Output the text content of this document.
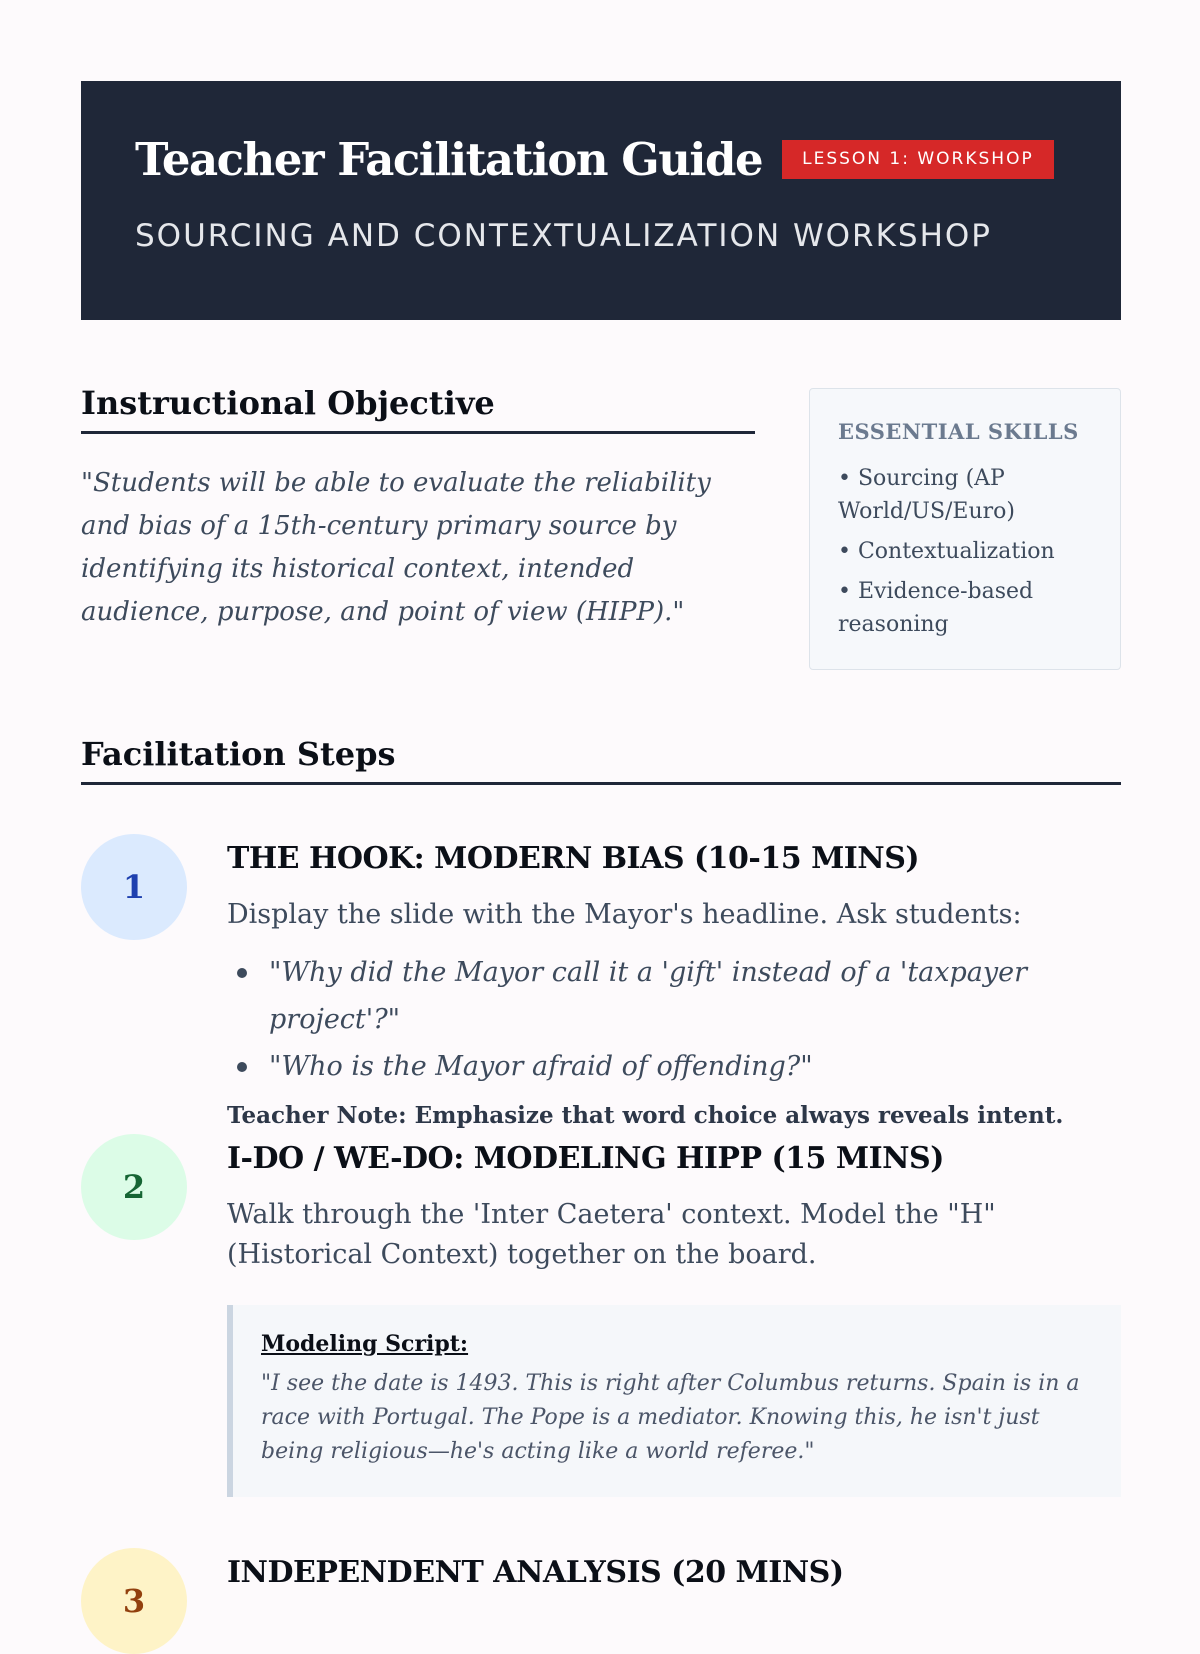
Teacher Facilitation Guide	LESSON 1: WORKSHOP
SOURCING AND CONTEXTUALIZATION WORKSHOP
Instructional Objective
"Students will be able to evaluate the reliability and bias of a 15th-century primary source by identifying its historical context, intended audience, purpose, and point of view (HIPP)."
ESSENTIAL SKILLS
• Sourcing (AP World/US/Euro)
• Contextualization
• Evidence-based reasoning
Facilitation Steps
1
THE HOOK: MODERN BIAS (10-15 MINS)
Display the slide with the Mayor's headline. Ask students:
"Why did the Mayor call it a 'gift' instead of a 'taxpayer project'?"
"Who is the Mayor afraid of offending?"
Teacher Note: Emphasize that word choice always reveals intent.
2
I-DO / WE-DO: MODELING HIPP (15 MINS)
Walk through the 'Inter Caetera' context. Model the "H" (Historical Context) together on the board.
Modeling Script:
"I see the date is 1493. This is right after Columbus returns. Spain is in a race with Portugal. The Pope is a mediator. Knowing this, he isn't just being religious—he's acting like a world referee."
3
INDEPENDENT ANALYSIS (20 MINS)
